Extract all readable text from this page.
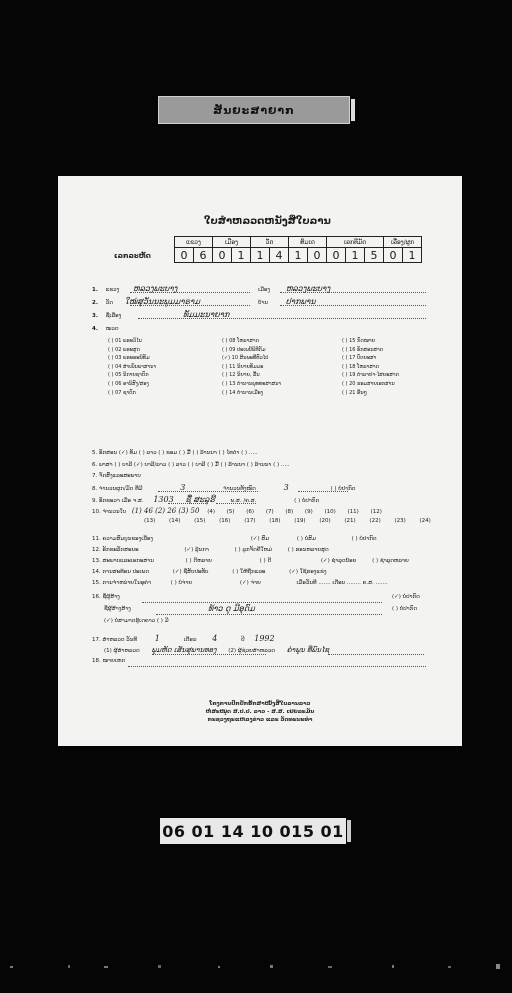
ສັນຍະສາຍາກ
ໃບສຳຫລວດຫນັງສືໃບລານ
ເລກລະຫັດ
ແຂວງ		ເມືອງ		ວັດ		ສົມເດ		ເລກທີມັດ			ເລື່ອງ/ຜູກ	
0	6	0	1	1	4	1	0	0	1	5	0	1
1. ແຂວງ ຫລວງພະບາງ	ເມືອງ ຫລວງພະບາງ
2. ວັດ ໃໝ່ສຸວັນນະພູມມາຣາມ	ບ້ານ ປາກພານ
3. ຊື່ເລື່ອງ	ທັມມະນາຍາກ
4. ໝວດ
( ) 01 ພຣະວິໄນ
( ) 02 ພຣະສູດ
( ) 03 ພຣະອະພິທັມ
( ) 04 ສຳເພັນພາສານາ
( ) 05 ນິກາຍຊາດົກ
( ) 06 ອານິສົງ/ສອງ
( ) 07 ຊາດົກ
( ) 08 ໂຫລາສາດ
( ) 09 ປະເພນີພິທີກັມ
(✓) 10 ສິນພະທີ່ທົວໄປ
( ) 11 ນິຍາຍທັມມະ
( ) 12 ນິຍາຍ, ລື້ນ
( ) 13 ຕຳນານພຸທທະສາສນາ
( ) 14 ຕຳນານເມືອງ
( ) 15 ກົດໝາຍ
( ) 16 ອັກສອນສາດ
( ) 17 ບົດຍະສາ
( ) 18 ໂຫລາສາດ
( ) 19 ຕຳລາຢາ-ໄສຍະສາດ
( ) 20 ຮອມສາຍເອກສານ
( ) 21 ອື່ນໆ
5. ອັກສອນ (✓) ທັມ ( ) ລາວ ( ) ຂອມ ( ) ມື້ ( ) ລ້ານນາ ( ) ໄທດໍາ ( ) .....
6. ພາສາ ( ) ບາລີ (✓) ບາລີ/ລາວ ( ) ລາວ ( ) ບາລີ ( ) ມື້ ( ) ລ້ານນາ ( ) ລ້ານນາ ( ) .....
7. ຈັດສົ່ງແລະສະພາບ
8. ຈໍານວນຜູກ/ມັດ ທີ່ມີ	3	ຈໍານວນທັງໝົດ	3	( ) ບໍ່ປາກົດ
9. ອັກຂະວາ ເມື່ອ ຈ.ສ. 1303 ຊື່ ສະລຸຮີ	ພ.ສ. /ຄ.ສ.	( ) ບໍ່ປາກົດ
10. ຈໍານວນໃບ (1) 46 (2) 26 (3) 50 (4) (5) (6) (7) (8) (9) (10) (11) (12)
(13)	(14)	(15)	(16)	(17)	(18)	(19)	(20)	(21)	(22)	(23)	(24)
11. ຄວາມສົມບູນຂອງເລື່ອງ	(✓) ສົມ	( ) ບໍ່ສົມ	( ) ບໍ່ປາກົດ
12. ອັກຂະລັກສະນະ	(✓) ລຸ້ນກາ	( ) ລູກຈັດຄືໃຫມ່	( ) ຮອນຫລາຍສຸດ
13. ສະພາບແລະເອກະສານ	( ) ດີຫລາຍ	( ) ດີ	(✓) ຊຳລຸດນ້ອຍ	( ) ຊຳລຸດຫລາຍ
14. ການສະທ້ອນ ປະເພດ	(✓) ຊື່ສັບປະທັບ	( ) ໃຫ້ຖືກແລະ	(✓) ໃຊ້ຮອງແຂ່ງ
15. ການຈຳຫນ່າຍໃນອຸຄຳ	( ) ບໍ່ຈ່າຍ	(✓) ຈ່າຍ	ເມື່ອວັນທີ ....... ເດືອນ ........ ຄ.ສ. .......
16. ຊື່ຜູ້ສ້າງ	(✓) ບໍ່ປາກົດ
ຊື່ຜູ້ສ້າງສ້າງ	ທ້າວ ດູ ມີອຸດົມ	( ) ບໍ່ປາກົດ
(✓) ບໍ່ສາມາດຮູ້ເດຄາວ ( ) ມີ
17. ສຳຫລວດ ວັນທີ 1	ເດືອນ 4	ປີ 1992
(1) ຜູ້ສຳຫລວດ ພູມຫັດ ເສັນສຸພານທອງ (2) ຜູ້ຊ່ວຍສຳຫລວດ ຄຳພູນ ທີ່ພົນໄຊ
18. ໝາຍເຫດ
ໂຄງການປົກປັກຮັກສາໜັງສືໃບລານລາວ
ຫໍສະໝຸດ ສ.ປ.ປ. ລາວ - ສ.ສ. ເຢຍລະມັນ
ກະຊວງຖະແຫລງຂ່າວ ແລະ ວັດທະນະທໍາ
06 01 14 10 015 01
